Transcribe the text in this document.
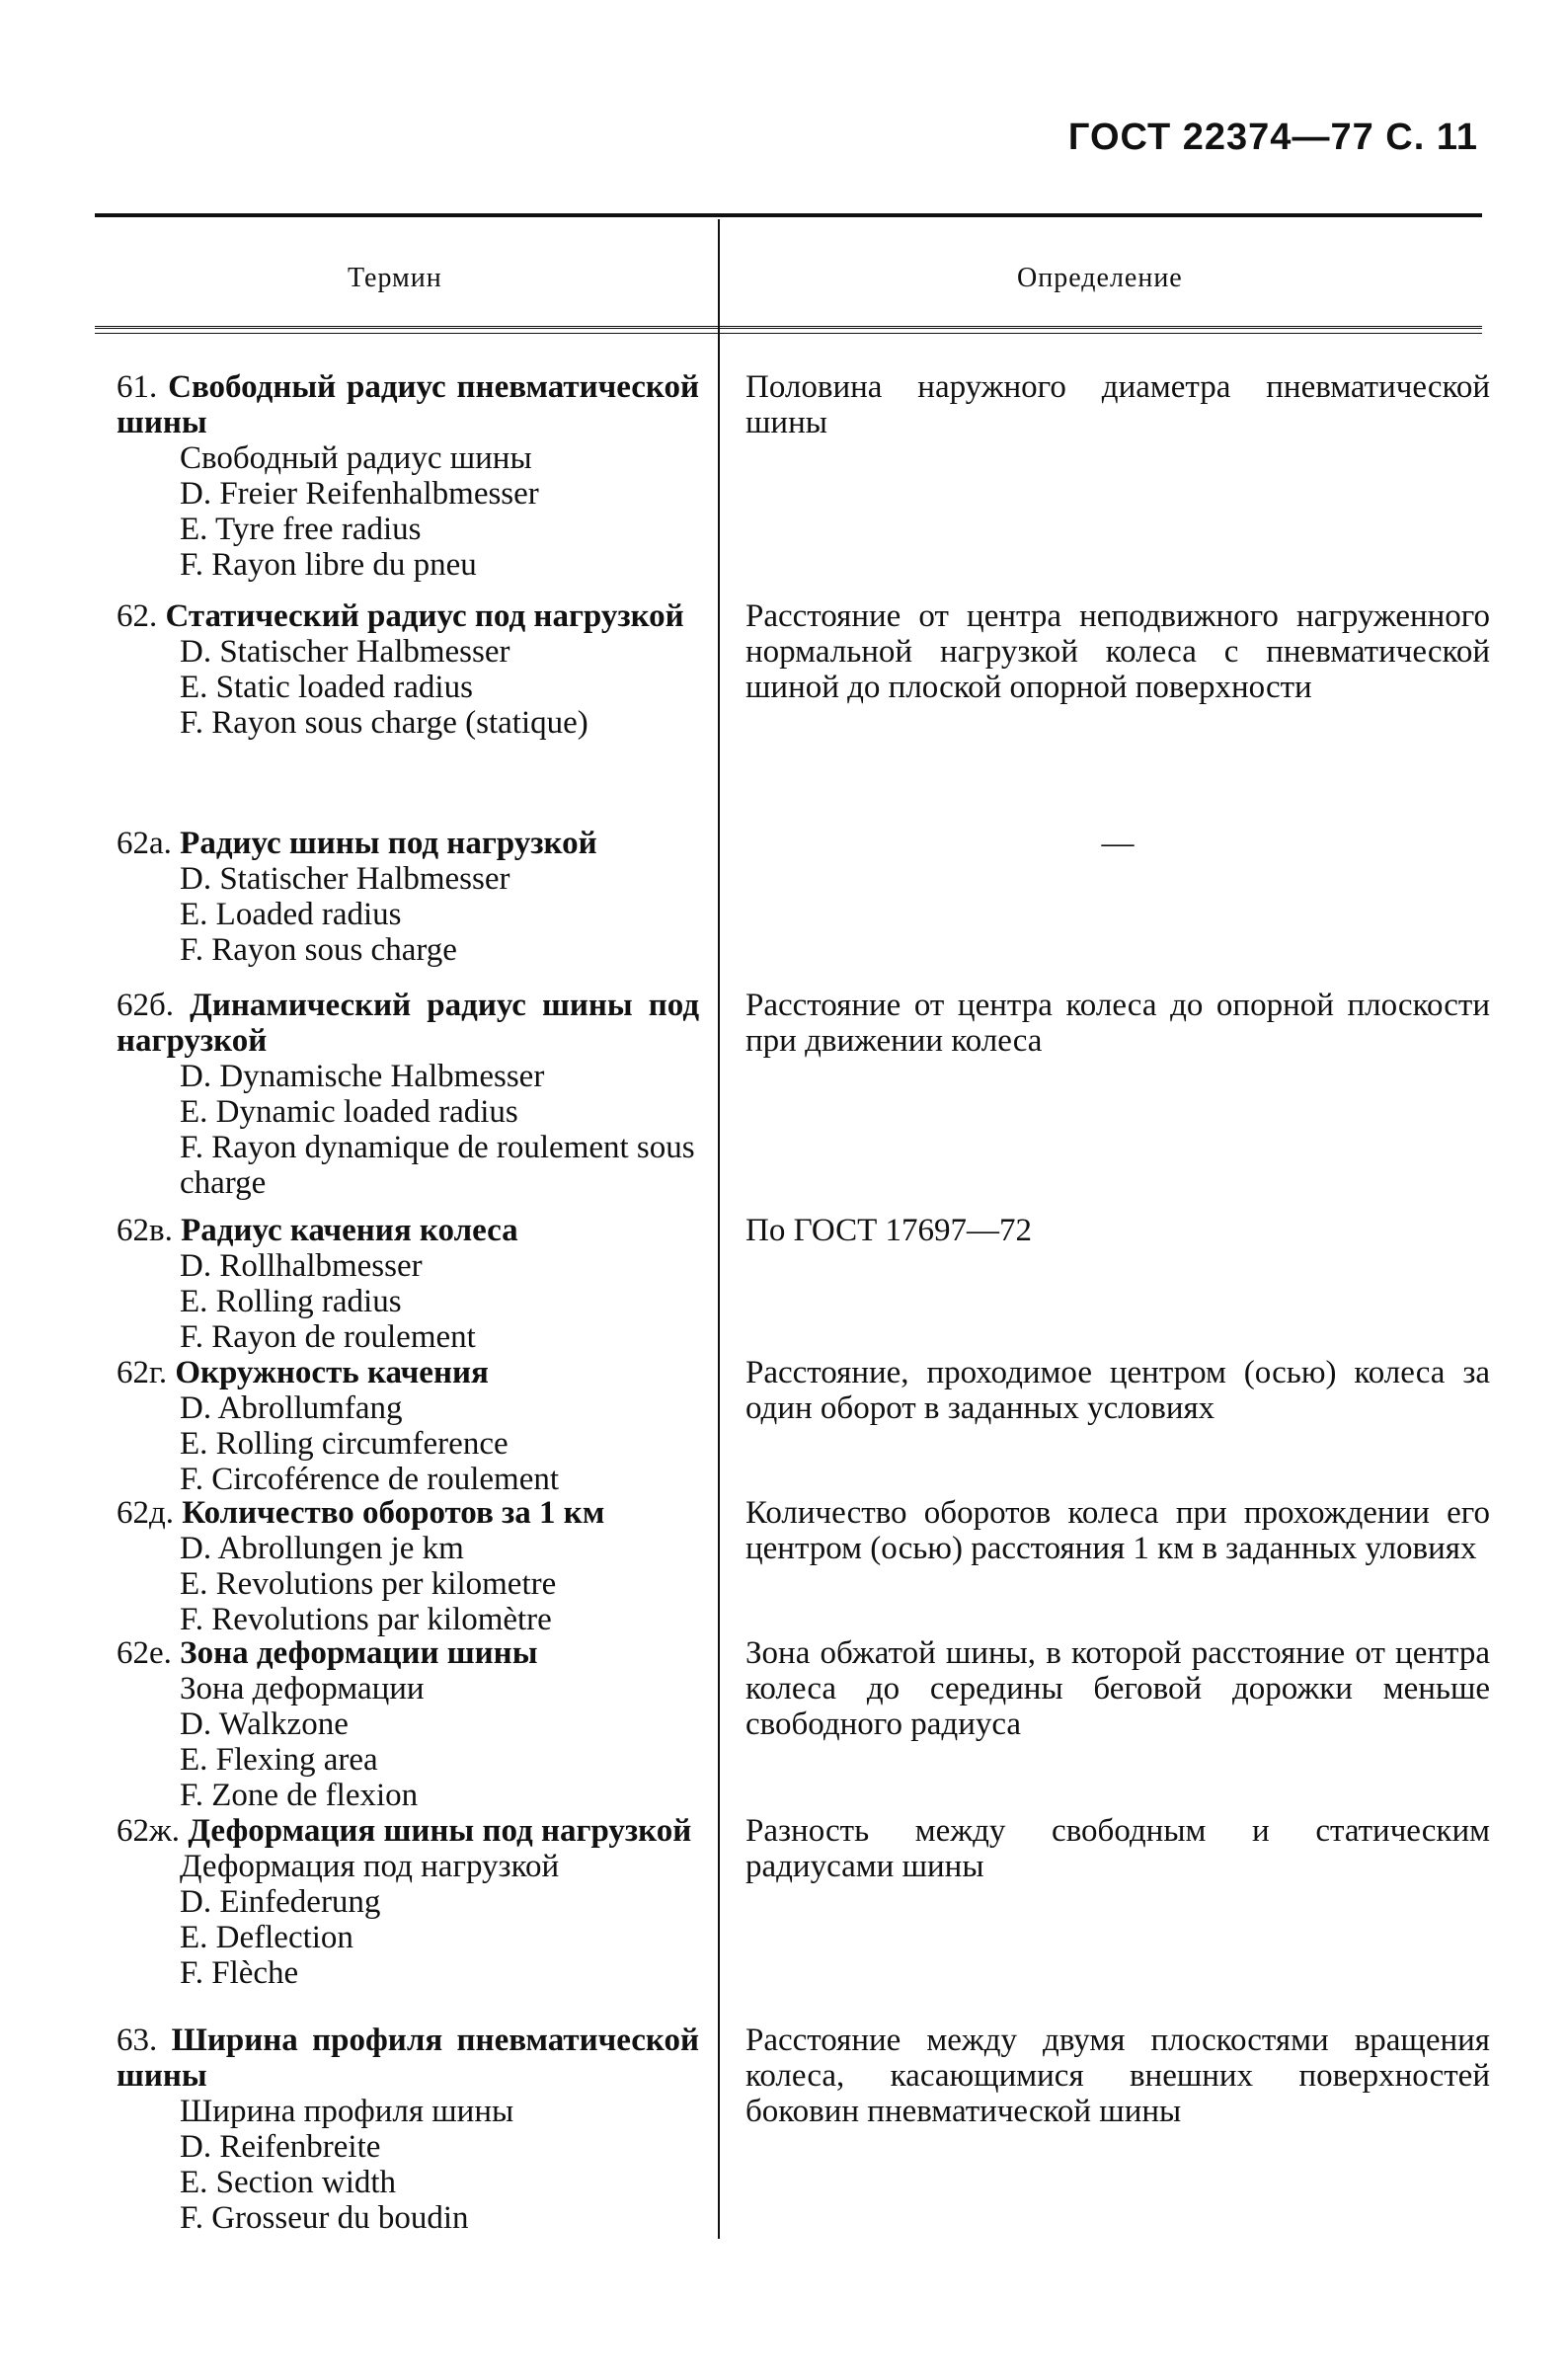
ГОСТ 22374—77 С. 11
Термин	Определение
61. Свободный радиус пневматической шины
Свободный радиус шины
D. Freier Reifenhalbmesser
E. Tyre free radius
F. Rayon libre du pneu
Половина наружного диаметра пневматической шины
62. Статический радиус под нагрузкой
D. Statischer Halbmesser
E. Static loaded radius
F. Rayon sous charge (statique)
Расстояние от центра неподвижного нагруженного нормальной нагрузкой колеса с пневматической шиной до плоской опорной поверхности
62а. Радиус шины под нагрузкой
D. Statischer Halbmesser
E. Loaded radius
F. Rayon sous charge
—
62б. Динамический радиус шины под нагрузкой
D. Dynamische Halbmesser
E. Dynamic loaded radius
F. Rayon dynamique de roulement sous charge
Расстояние от центра колеса до опорной плоскости при движении колеса
62в. Радиус качения колеса
D. Rollhalbmesser
E. Rolling radius
F. Rayon de roulement
По ГОСТ 17697—72
62г. Окружность качения
D. Abrollumfang
E. Rolling circumference
F. Circoférence de roulement
Расстояние, проходимое центром (осью) колеса за один оборот в заданных условиях
62д. Количество оборотов за 1 км
D. Abrollungen je km
E. Revolutions per kilometre
F. Revolutions par kilomètre
Количество оборотов колеса при прохождении его центром (осью) расстояния 1 км в заданных уловиях
62е. Зона деформации шины
Зона деформации
D. Walkzone
E. Flexing area
F. Zone de flexion
Зона обжатой шины, в которой расстояние от центра колеса до середины беговой дорожки меньше свободного радиуса
62ж. Деформация шины под нагрузкой
Деформация под нагрузкой
D. Einfederung
E. Deflection
F. Flèche
Разность между свободным и статическим радиусами шины
63. Ширина профиля пневматической шины
Ширина профиля шины
D. Reifenbreite
E. Section width
F. Grosseur du boudin
Расстояние между двумя плоскостями вращения колеса, касающимися внешних поверхностей боковин пневматической шины
